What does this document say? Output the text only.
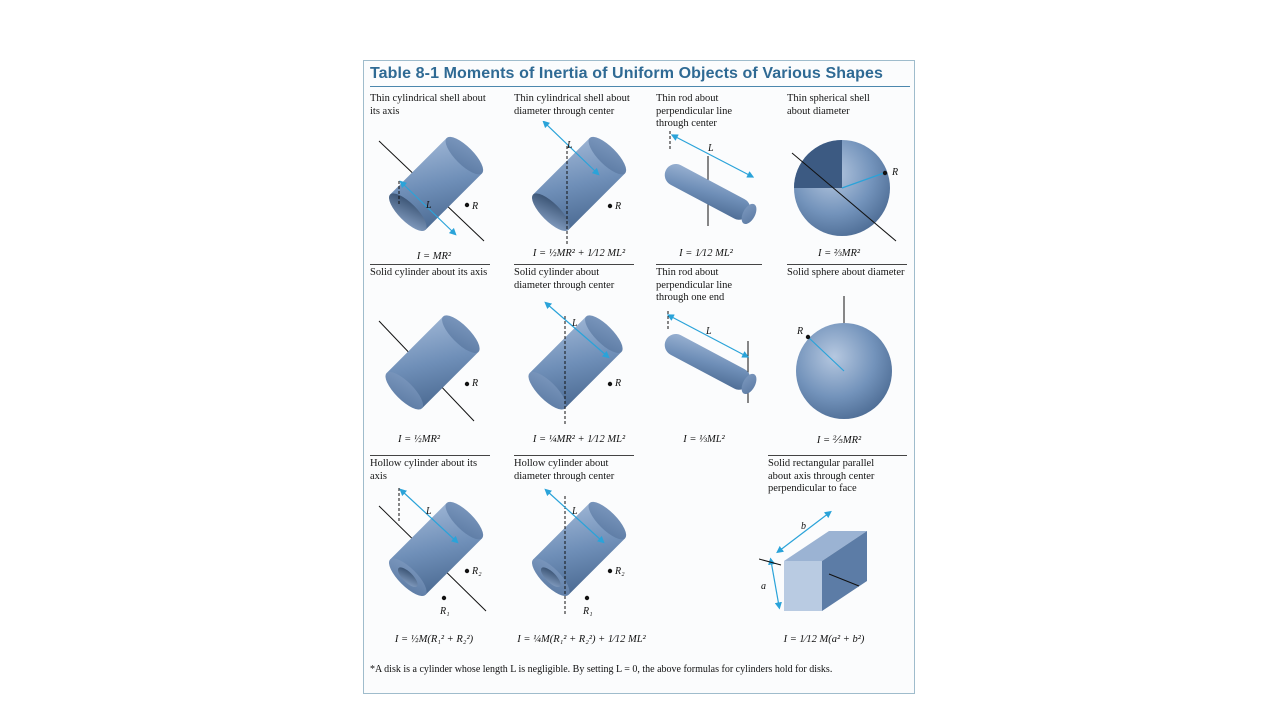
Table 8-1 Moments of Inertia of Uniform Objects of Various Shapes
Thin cylindrical shell about
its axis
L	R
I = MR²
Thin cylindrical shell about
diameter through center
L
R
I = ½MR² + 1⁄12 ML²
Thin rod about
perpendicular line
through center
L
I = 1⁄12 ML²
Thin spherical shell
about diameter
R
I = ⅔MR²
Solid cylinder about its axis
R
I = ½MR²
Solid cylinder about
diameter through center
L
R
I = ¼MR² + 1⁄12 ML²
Thin rod about
perpendicular line
through one end
L
I = ⅓ML²
Solid sphere about diameter
R
I = ⅖MR²
Hollow cylinder about its
axis
L
R₂
R₁
I = ½M(R₁² + R₂²)
Hollow cylinder about
diameter through center
L
R₂
R₁
I = ¼M(R₁² + R₂²) + 1⁄12 ML²
Solid rectangular parallel
about axis through center
perpendicular to face
b
a
I = 1⁄12 M(a² + b²)
*A disk is a cylinder whose length L is negligible. By setting L = 0, the above formulas for cylinders hold for disks.
